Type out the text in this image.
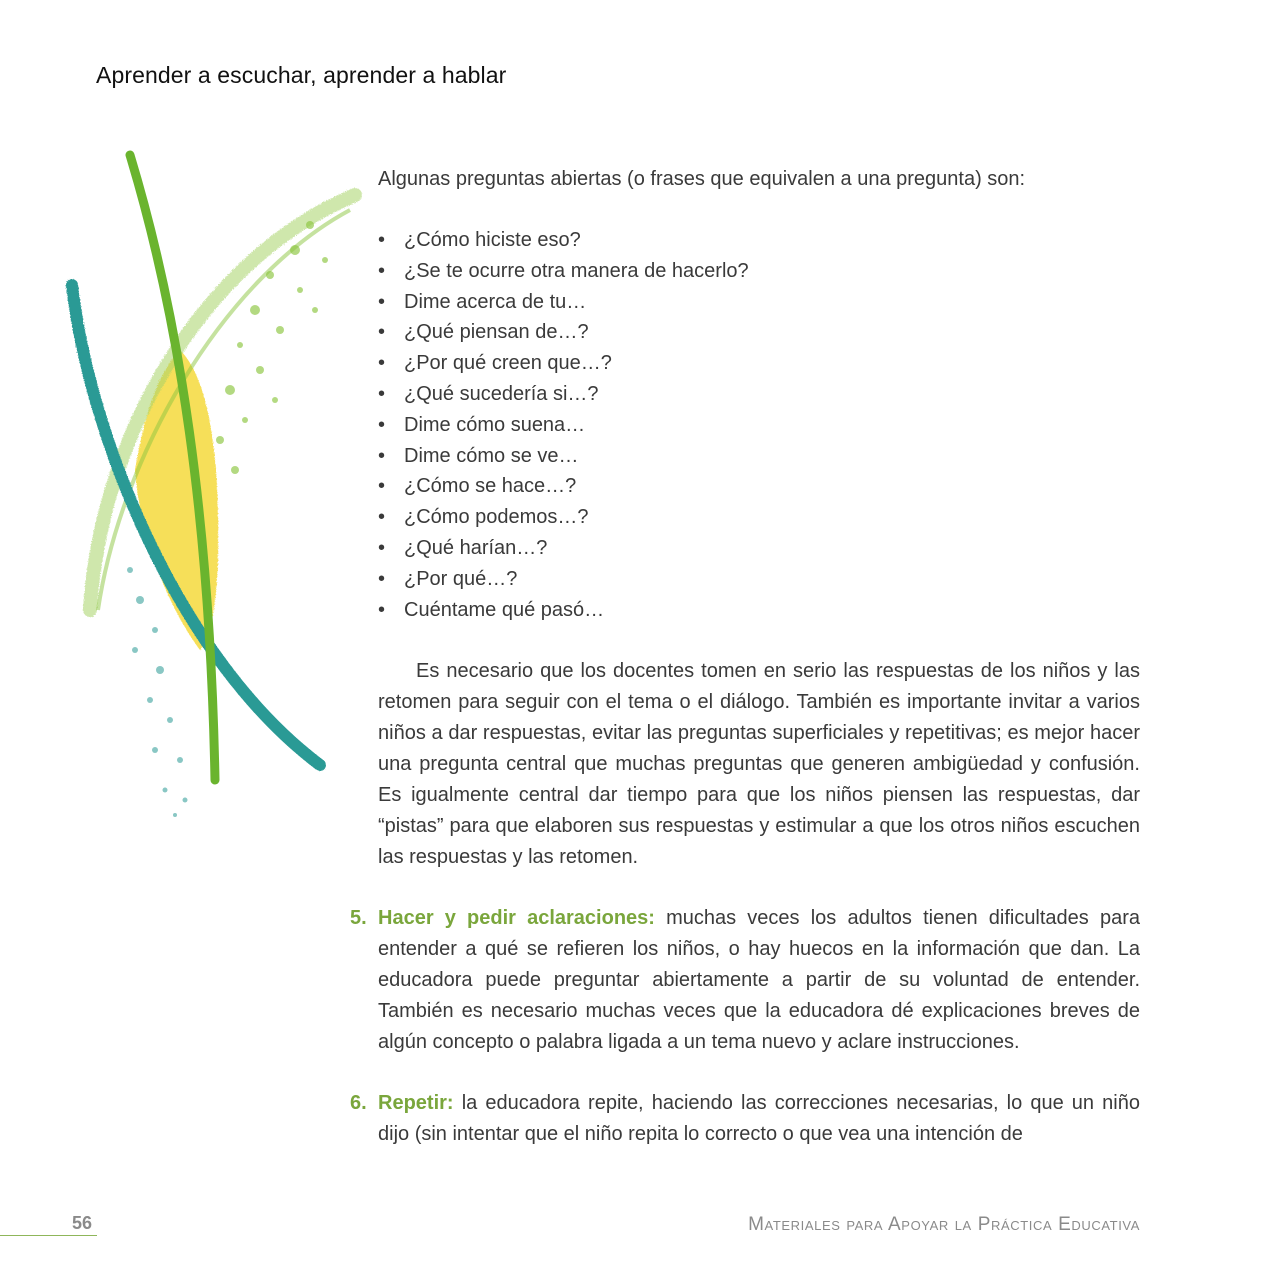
Aprender a escuchar, aprender a hablar

Algunas preguntas abiertas (o frases que equivalen a una pregunta) son:

• ¿Cómo hiciste eso?
• ¿Se te ocurre otra manera de hacerlo?
• Dime acerca de tu…
• ¿Qué piensan de…?
• ¿Por qué creen que…?
• ¿Qué sucedería si…?
• Dime cómo suena…
• Dime cómo se ve…
• ¿Cómo se hace…?
• ¿Cómo podemos…?
• ¿Qué harían…?
• ¿Por qué…?
• Cuéntame qué pasó…

Es necesario que los docentes tomen en serio las respuestas de los niños y las retomen para seguir con el tema o el diálogo. También es importante invitar a varios niños a dar respuestas, evitar las preguntas superficiales y repetitivas; es mejor hacer una pregunta central que muchas preguntas que generen ambigüedad y confusión. Es igualmente central dar tiempo para que los niños piensen las respuestas, dar “pistas” para que elaboren sus respuestas y estimular a que los otros niños escuchen las respuestas y las retomen.

5. Hacer y pedir aclaraciones: muchas veces los adultos tienen dificultades para entender a qué se refieren los niños, o hay huecos en la información que dan. La educadora puede preguntar abiertamente a partir de su voluntad de entender. También es necesario muchas veces que la educadora dé explicaciones breves de algún concepto o palabra ligada a un tema nuevo y aclare instrucciones.

6. Repetir: la educadora repite, haciendo las correcciones necesarias, lo que un niño dijo (sin intentar que el niño repita lo correcto o que vea una intención de

56	Materiales para Apoyar la Práctica Educativa
